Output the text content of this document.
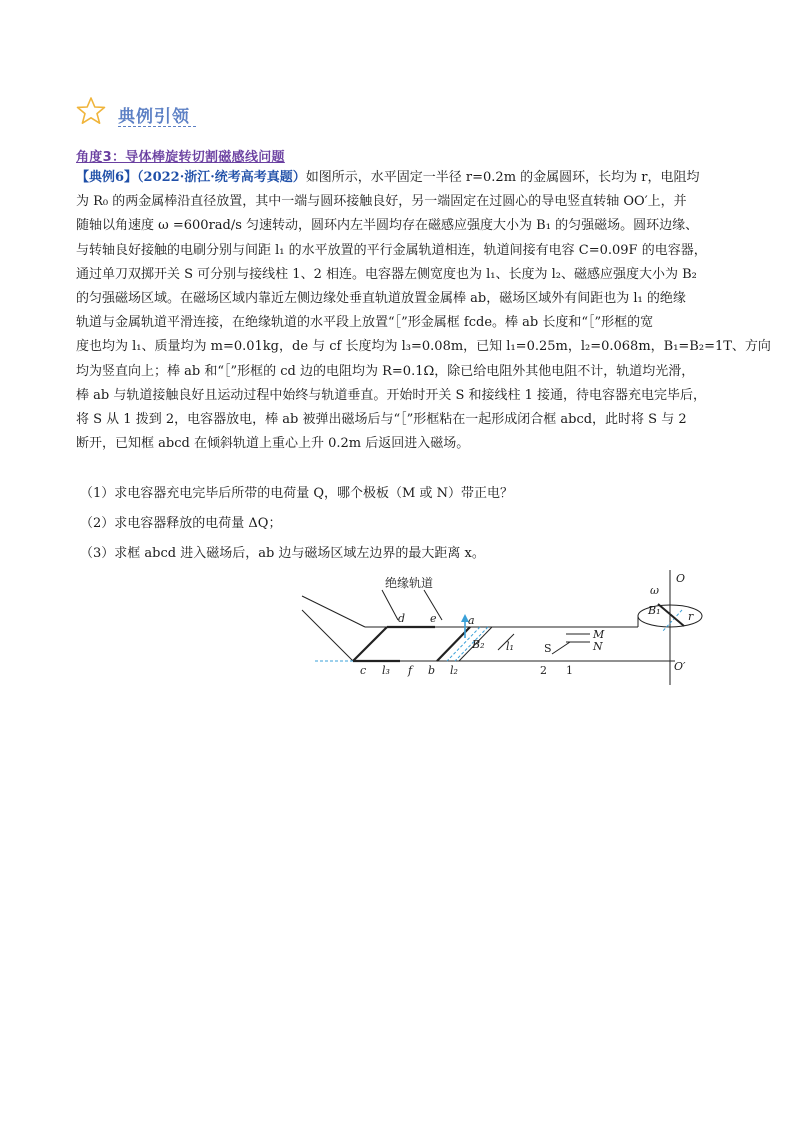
典例引领
角度3：导体棒旋转切割磁感线问题
【典例6】（2022·浙江·统考高考真题）如图所示，水平固定一半径 r=0.2m 的金属圆环，长均为 r，电阻均
为 R₀ 的两金属棒沿直径放置，其中一端与圆环接触良好，另一端固定在过圆心的导电竖直转轴 OO′上，并
随轴以角速度 ω =600rad/s 匀速转动，圆环内左半圆均存在磁感应强度大小为 B₁ 的匀强磁场。圆环边缘、
与转轴良好接触的电刷分别与间距 l₁ 的水平放置的平行金属轨道相连，轨道间接有电容 C=0.09F 的电容器，
通过单刀双掷开关 S 可分别与接线柱 1、2 相连。电容器左侧宽度也为 l₁、长度为 l₂、磁感应强度大小为 B₂
的匀强磁场区域。在磁场区域内靠近左侧边缘处垂直轨道放置金属棒 ab，磁场区域外有间距也为 l₁ 的绝缘
轨道与金属轨道平滑连接，在绝缘轨道的水平段上放置“［”形金属框 fcde。棒 ab 长度和“［”形框的宽
度也均为 l₁、质量均为 m=0.01kg，de 与 cf 长度均为 l₃=0.08m，已知 l₁=0.25m，l₂=0.068m，B₁=B₂=1T、方向
均为竖直向上；棒 ab 和“［”形框的 cd 边的电阻均为 R=0.1Ω，除已给电阻外其他电阻不计，轨道均光滑，
棒 ab 与轨道接触良好且运动过程中始终与轨道垂直。开始时开关 S 和接线柱 1 接通，待电容器充电完毕后，
将 S 从 1 拨到 2，电容器放电，棒 ab 被弹出磁场后与“［”形框粘在一起形成闭合框 abcd，此时将 S 与 2
断开，已知框 abcd 在倾斜轨道上重心上升 0.2m 后返回进入磁场。
（1）求电容器充电完毕后所带的电荷量 Q，哪个极板（M 或 N）带正电？
（2）求电容器释放的电荷量 ΔQ；
（3）求框 abcd 进入磁场后，ab 边与磁场区域左边界的最大距离 x。
绝缘轨道
d e	a
c l₃ f b l₂
l₁
B₂
B₁
S
M
N
1
2
O
O′
r
ω
